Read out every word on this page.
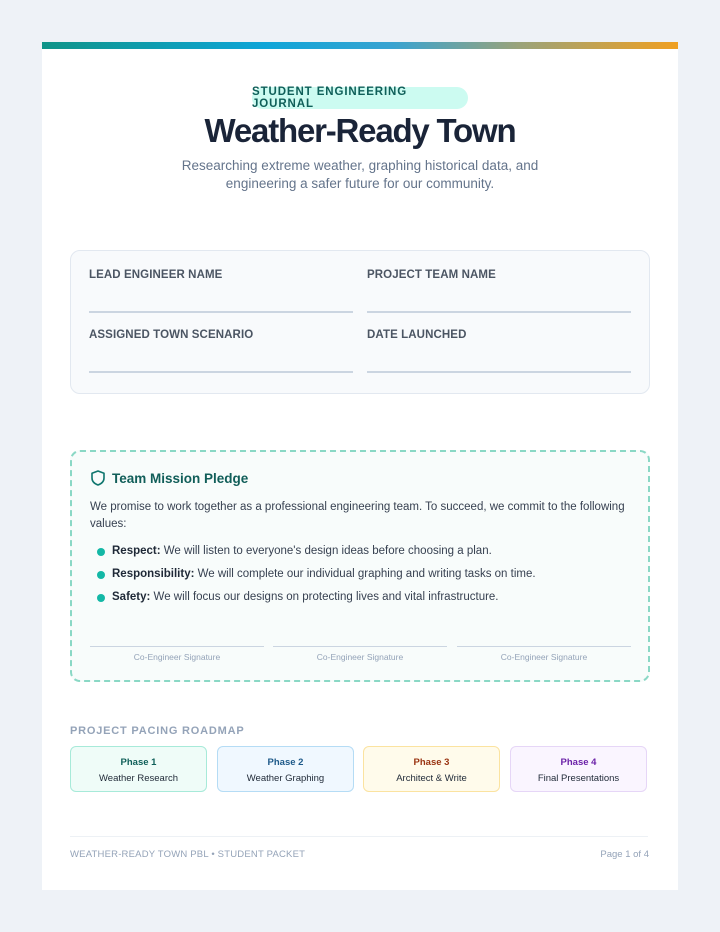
STUDENT ENGINEERING JOURNAL
Weather-Ready Town
Researching extreme weather, graphing historical data, and engineering a safer future for our community.
LEAD ENGINEER NAME	PROJECT TEAM NAME
ASSIGNED TOWN SCENARIO	DATE LAUNCHED
Team Mission Pledge
We promise to work together as a professional engineering team. To succeed, we commit to the following values:
Respect: We will listen to everyone's design ideas before choosing a plan.
Responsibility: We will complete our individual graphing and writing tasks on time.
Safety: We will focus our designs on protecting lives and vital infrastructure.
Co-Engineer Signature	Co-Engineer Signature	Co-Engineer Signature
PROJECT PACING ROADMAP
Phase 1
Weather Research
Phase 2
Weather Graphing
Phase 3
Architect & Write
Phase 4
Final Presentations
WEATHER-READY TOWN PBL • STUDENT PACKET	Page 1 of 4
